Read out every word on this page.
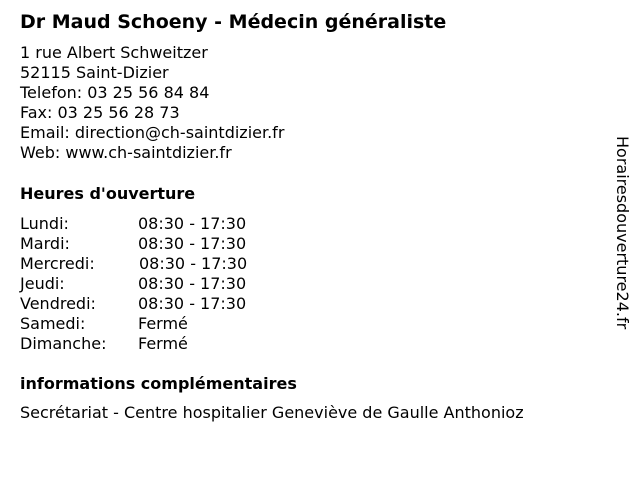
Dr Maud Schoeny - Médecin généraliste
1 rue Albert Schweitzer
52115 Saint-Dizier
Telefon: 03 25 56 84 84
Fax: 03 25 56 28 73
Email: direction@ch-saintdizier.fr
Web: www.ch-saintdizier.fr
Heures d'ouverture
Lundi:	08:30 - 17:30
Mardi:	08:30 - 17:30
Mercredi:	08:30 - 17:30
Jeudi:	08:30 - 17:30
Vendredi:	08:30 - 17:30
Samedi:	Fermé
Dimanche: Fermé
informations complémentaires
Secrétariat - Centre hospitalier Geneviève de Gaulle Anthonioz
Horairesdouverture24.fr
